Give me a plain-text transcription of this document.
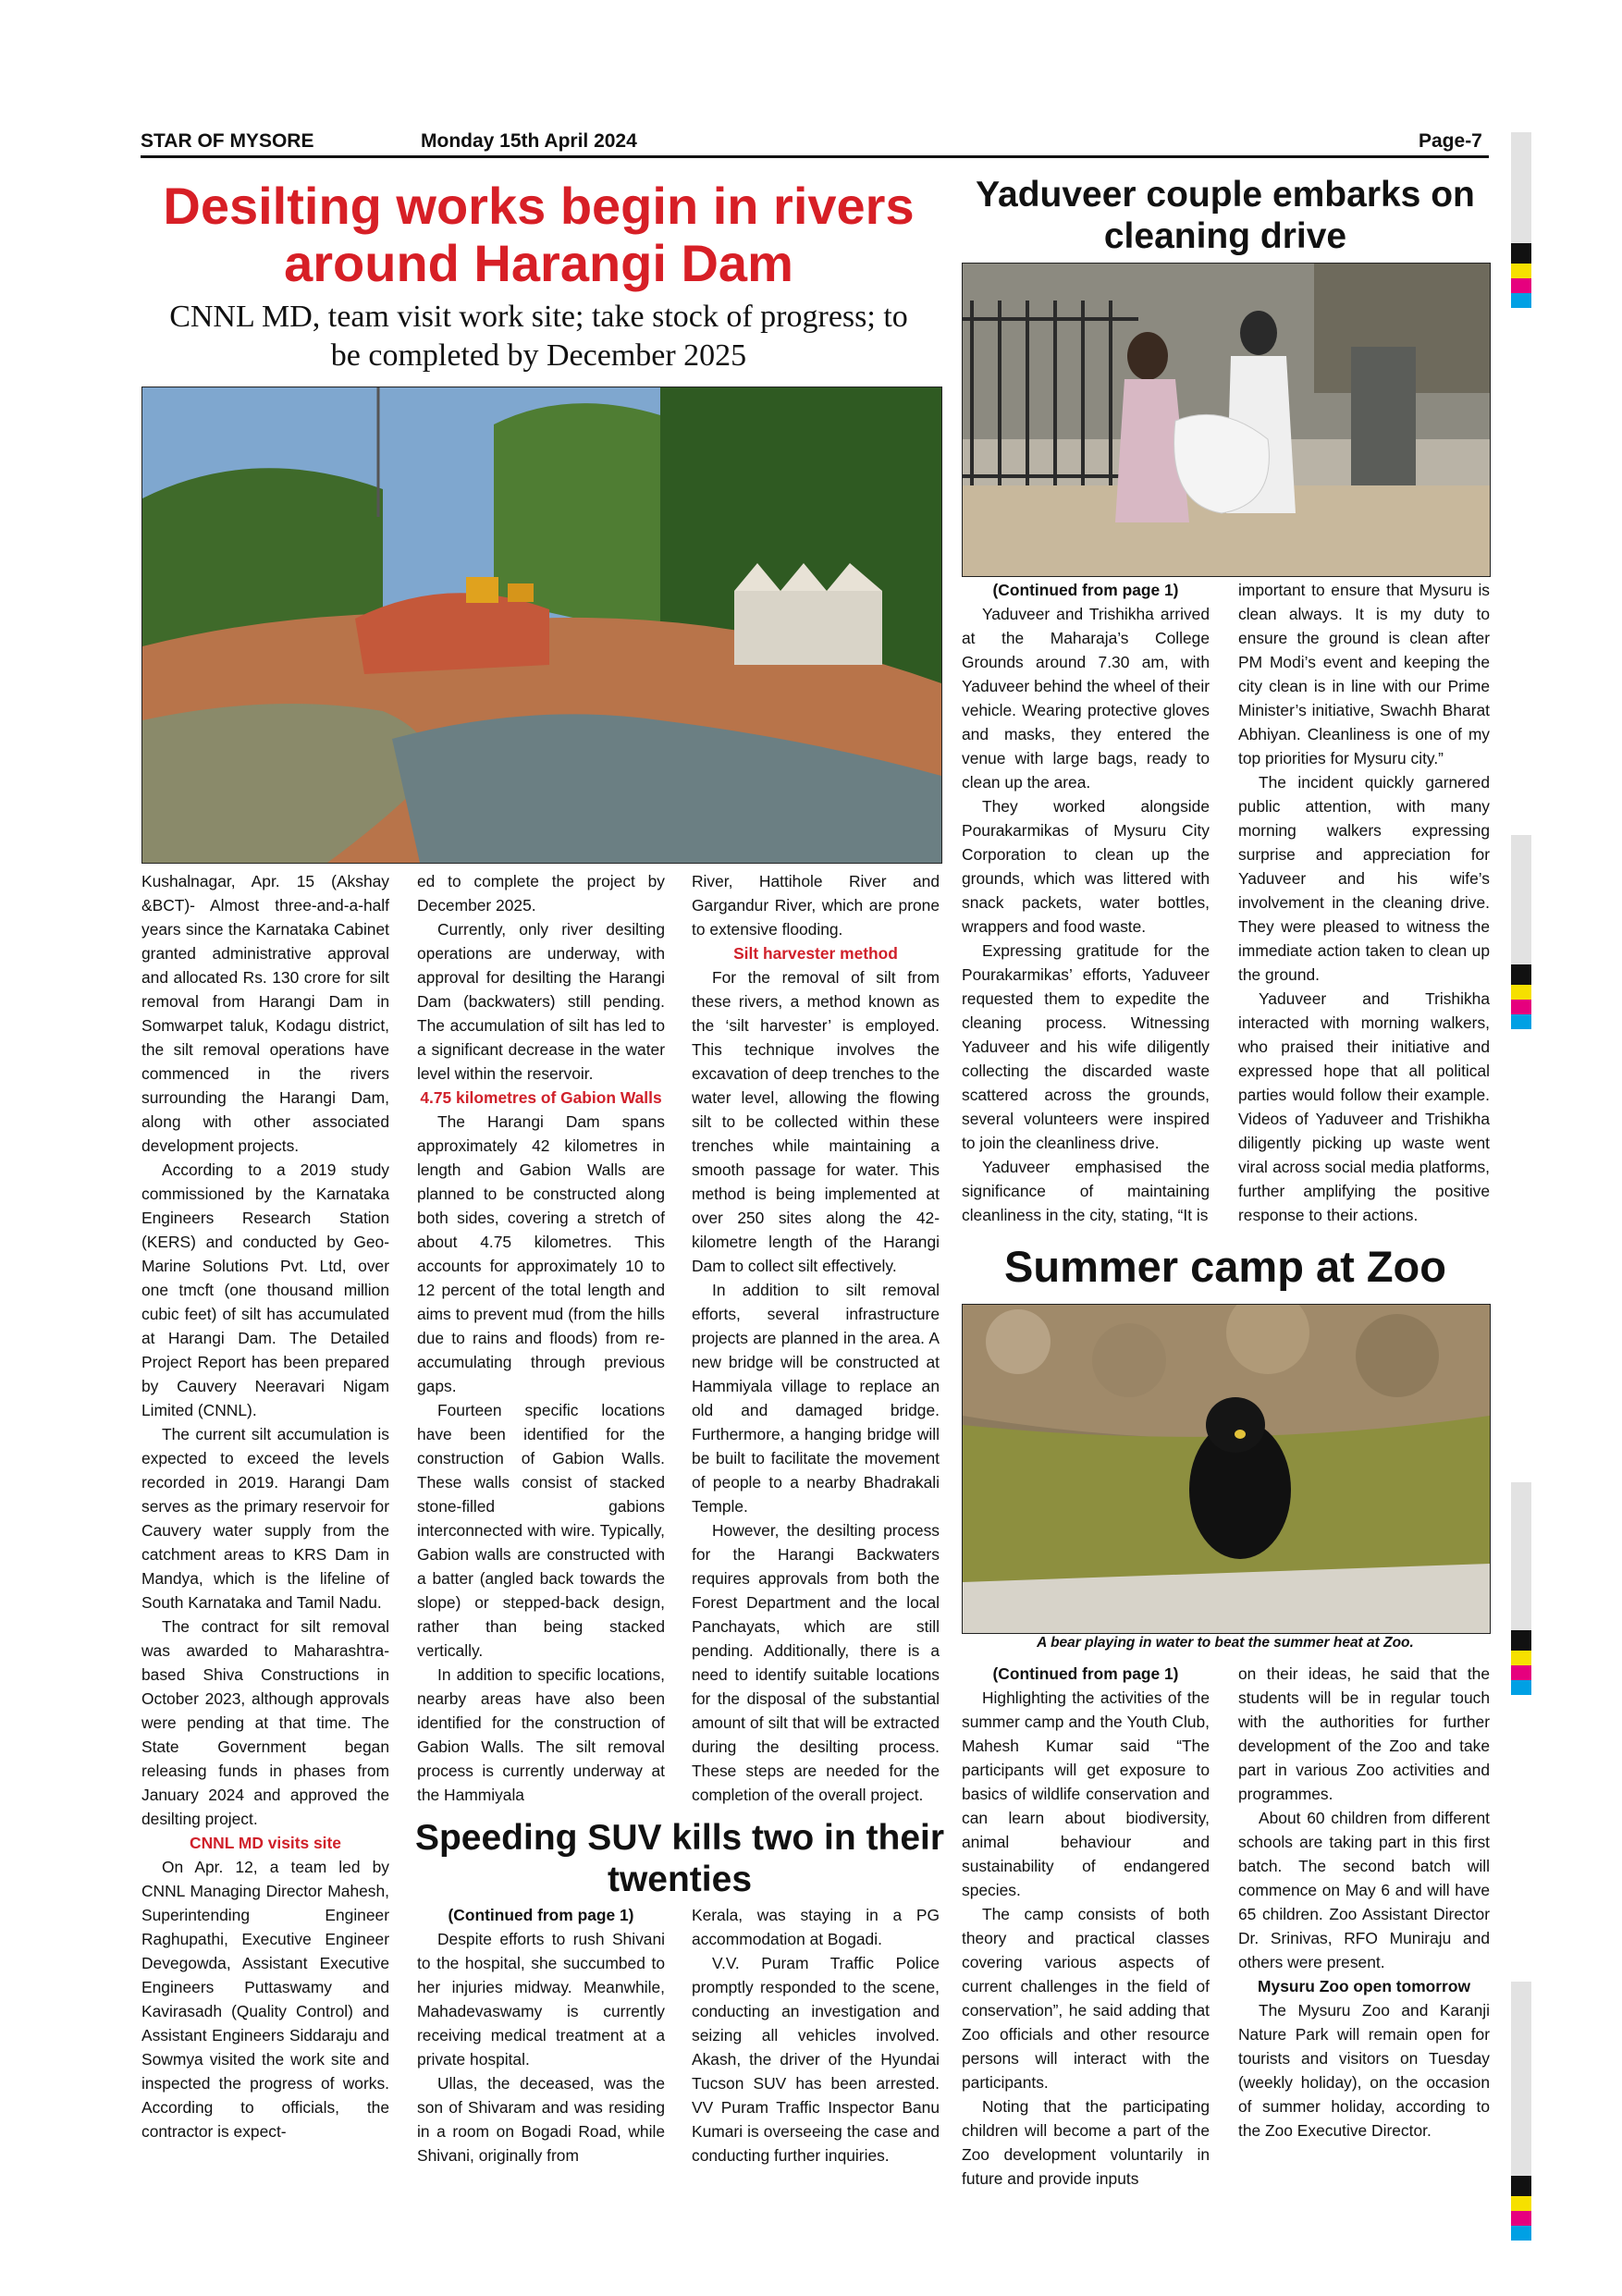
STAR OF MYSORE	Monday 15th April 2024	Page-7
Desilting works begin in rivers around Harangi Dam
CNNL MD, team visit work site; take stock of progress; to be completed by December 2025

Kushalnagar, Apr. 15 (Akshay &BCT)- Almost three-and-a-half years since the Karnataka Cabinet granted administrative approval and allocated Rs. 130 crore for silt removal from Harangi Dam in Somwarpet taluk, Kodagu district, the silt removal operations have commenced in the rivers surrounding the Harangi Dam, along with other associated development projects.

According to a 2019 study commissioned by the Karnataka Engineers Research Station (KERS) and conducted by Geo-Marine Solutions Pvt. Ltd, over one tmcft (one thousand million cubic feet) of silt has accumulated at Harangi Dam. The Detailed Project Report has been prepared by Cauvery Neeravari Nigam Limited (CNNL).

The current silt accumulation is expected to exceed the levels recorded in 2019. Harangi Dam serves as the primary reservoir for Cauvery water supply from the catchment areas to KRS Dam in Mandya, which is the lifeline of South Karnataka and Tamil Nadu.

The contract for silt removal was awarded to Maharashtra-based Shiva Constructions in October 2023, although approvals were pending at that time. The State Government began releasing funds in phases from January 2024 and approved the desilting project.

CNNL MD visits site

On Apr. 12, a team led by CNNL Managing Director Mahesh, Superintending Engineer Raghupathi, Executive Engineer Devegowda, Assistant Executive Engineers Puttaswamy and Kavirasadh (Quality Control) and Assistant Engineers Siddaraju and Sowmya visited the work site and inspected the progress of works. According to officials, the contractor is expect-

ed to complete the project by December 2025.

Currently, only river desilting operations are underway, with approval for desilting the Harangi Dam (backwaters) still pending. The accumulation of silt has led to a significant decrease in the water level within the reservoir.

4.75 kilometres of Gabion Walls

The Harangi Dam spans approximately 42 kilometres in length and Gabion Walls are planned to be constructed along both sides, covering a stretch of about 4.75 kilometres. This accounts for approximately 10 to 12 percent of the total length and aims to prevent mud (from the hills due to rains and floods) from re-accumulating through previous gaps.

Fourteen specific locations have been identified for the construction of Gabion Walls. These walls consist of stacked stone-filled gabions interconnected with wire. Typically, Gabion walls are constructed with a batter (angled back towards the slope) or stepped-back design, rather than being stacked vertically.

In addition to specific locations, nearby areas have also been identified for the construction of Gabion Walls. The silt removal process is currently underway at the Hammiyala

River, Hattihole River and Gargandur River, which are prone to extensive flooding.

Silt harvester method

For the removal of silt from these rivers, a method known as the ‘silt harvester’ is employed. This technique involves the excavation of deep trenches to the water level, allowing the flowing silt to be collected within these trenches while maintaining a smooth passage for water. This method is being implemented at over 250 sites along the 42-kilometre length of the Harangi Dam to collect silt effectively.

In addition to silt removal efforts, several infrastructure projects are planned in the area. A new bridge will be constructed at Hammiyala village to replace an old and damaged bridge. Furthermore, a hanging bridge will be built to facilitate the movement of people to a nearby Bhadrakali Temple.

However, the desilting process for the Harangi Backwaters requires approvals from both the Forest Department and the local Panchayats, which are still pending. Additionally, there is a need to identify suitable locations for the disposal of the substantial amount of silt that will be extracted during the desilting process. These steps are needed for the completion of the overall project.

Speeding SUV kills two in their twenties

(Continued from page 1)

Despite efforts to rush Shivani to the hospital, she succumbed to her injuries midway. Meanwhile, Mahadevaswamy is currently receiving medical treatment at a private hospital.

Ullas, the deceased, was the son of Shivaram and was residing in a room on Bogadi Road, while Shivani, originally from

Kerala, was staying in a PG accommodation at Bogadi.

V.V. Puram Traffic Police promptly responded to the scene, conducting an investigation and seizing all vehicles involved. Akash, the driver of the Hyundai Tucson SUV has been arrested. VV Puram Traffic Inspector Banu Kumari is overseeing the case and conducting further inquiries.

Yaduveer couple embarks on cleaning drive

(Continued from page 1)

Yaduveer and Trishikha arrived at the Maharaja’s College Grounds around 7.30 am, with Yaduveer behind the wheel of their vehicle. Wearing protective gloves and masks, they entered the venue with large bags, ready to clean up the area.

They worked alongside Pourakarmikas of Mysuru City Corporation to clean up the grounds, which was littered with snack packets, water bottles, wrappers and food waste.

Expressing gratitude for the Pourakarmikas’ efforts, Yaduveer requested them to expedite the cleaning process. Witnessing Yaduveer and his wife diligently collecting the discarded waste scattered across the grounds, several volunteers were inspired to join the cleanliness drive.

Yaduveer emphasised the significance of maintaining cleanliness in the city, stating, “It is

important to ensure that Mysuru is clean always. It is my duty to ensure the ground is clean after PM Modi’s event and keeping the city clean is in line with our Prime Minister’s initiative, Swachh Bharat Abhiyan. Cleanliness is one of my top priorities for Mysuru city.”

The incident quickly garnered public attention, with many morning walkers expressing surprise and appreciation for Yaduveer and his wife’s involvement in the cleaning drive. They were pleased to witness the immediate action taken to clean up the ground.

Yaduveer and Trishikha interacted with morning walkers, who praised their initiative and expressed hope that all political parties would follow their example. Videos of Yaduveer and Trishikha diligently picking up waste went viral across social media platforms, further amplifying the positive response to their actions.

Summer camp at Zoo
A bear playing in water to beat the summer heat at Zoo.

(Continued from page 1)

Highlighting the activities of the summer camp and the Youth Club, Mahesh Kumar said “The participants will get exposure to basics of wildlife conservation and can learn about biodiversity, animal behaviour and sustainability of endangered species.

The camp consists of both theory and practical classes covering various aspects of current challenges in the field of conservation”, he said adding that Zoo officials and other resource persons will interact with the participants.

Noting that the participating children will become a part of the Zoo development voluntarily in future and provide inputs

on their ideas, he said that the students will be in regular touch with the authorities for further development of the Zoo and take part in various Zoo activities and programmes.

About 60 children from different schools are taking part in this first batch. The second batch will commence on May 6 and will have 65 children. Zoo Assistant Director Dr. Srinivas, RFO Muniraju and others were present.

Mysuru Zoo open tomorrow

The Mysuru Zoo and Karanji Nature Park will remain open for tourists and visitors on Tuesday (weekly holiday), on the occasion of summer holiday, according to the Zoo Executive Director.
